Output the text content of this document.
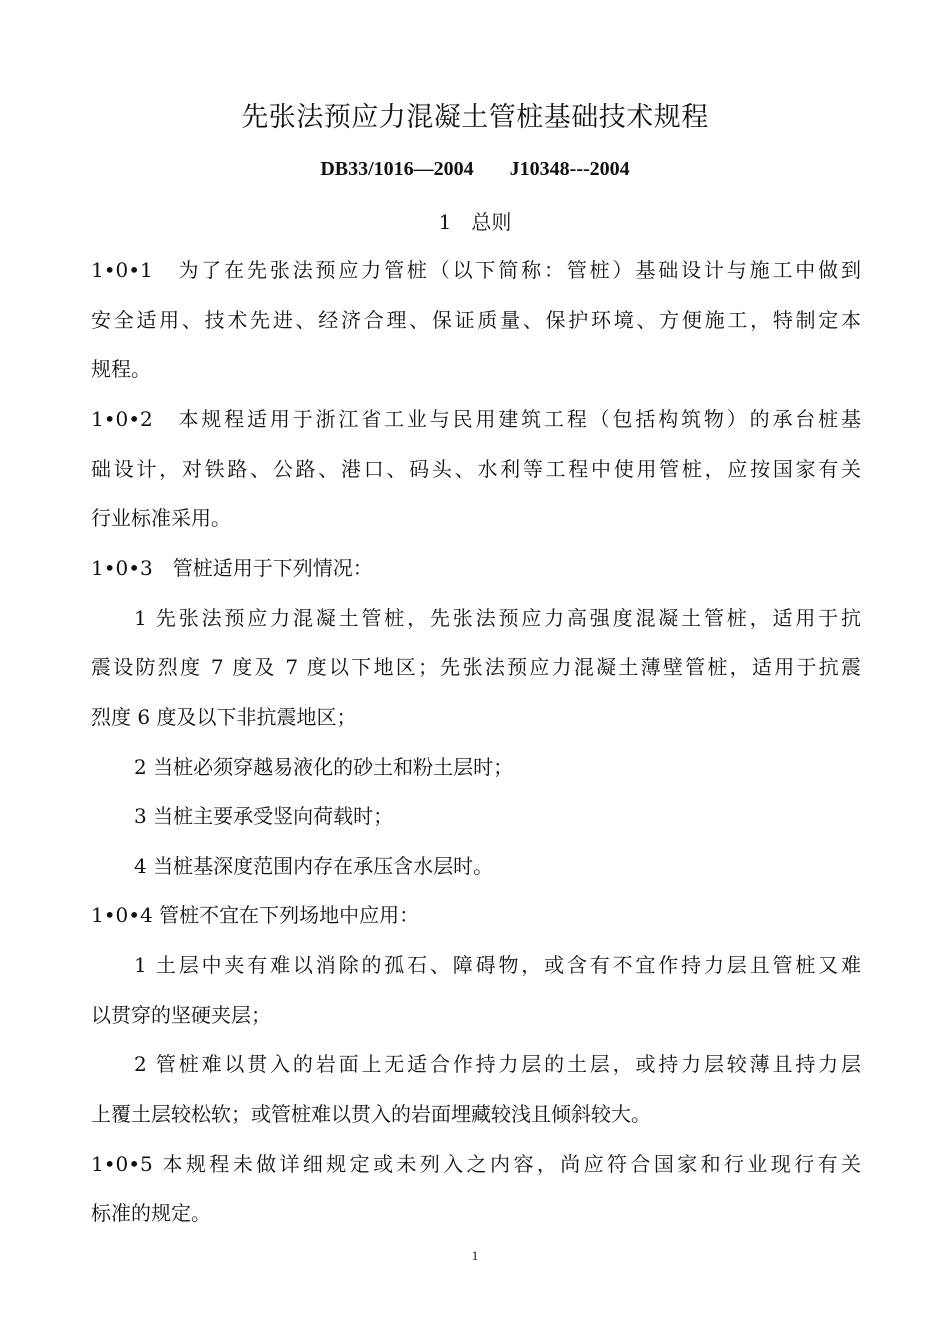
先张法预应力混凝土管桩基础技术规程
DB33/1016—2004 J10348---2004
1 总则
1•0•1　为了在先张法预应力管桩（以下简称：管桩）基础设计与施工中做到
安全适用、技术先进、经济合理、保证质量、保护环境、方便施工，特制定本
规程。
1•0•2　本规程适用于浙江省工业与民用建筑工程（包括构筑物）的承台桩基
础设计，对铁路、公路、港口、码头、水利等工程中使用管桩，应按国家有关
行业标准采用。
1•0•3　管桩适用于下列情况：
1 先张法预应力混凝土管桩，先张法预应力高强度混凝土管桩，适用于抗
震设防烈度 7 度及 7 度以下地区；先张法预应力混凝土薄壁管桩，适用于抗震
烈度 6 度及以下非抗震地区；
2 当桩必须穿越易液化的砂土和粉土层时；
3 当桩主要承受竖向荷载时；
4 当桩基深度范围内存在承压含水层时。
1•0•4 管桩不宜在下列场地中应用：
1 土层中夹有难以消除的孤石、障碍物，或含有不宜作持力层且管桩又难
以贯穿的坚硬夹层；
2 管桩难以贯入的岩面上无适合作持力层的土层，或持力层较薄且持力层
上覆土层较松软；或管桩难以贯入的岩面埋藏较浅且倾斜较大。
1•0•5 本规程未做详细规定或未列入之内容，尚应符合国家和行业现行有关
标准的规定。
1
